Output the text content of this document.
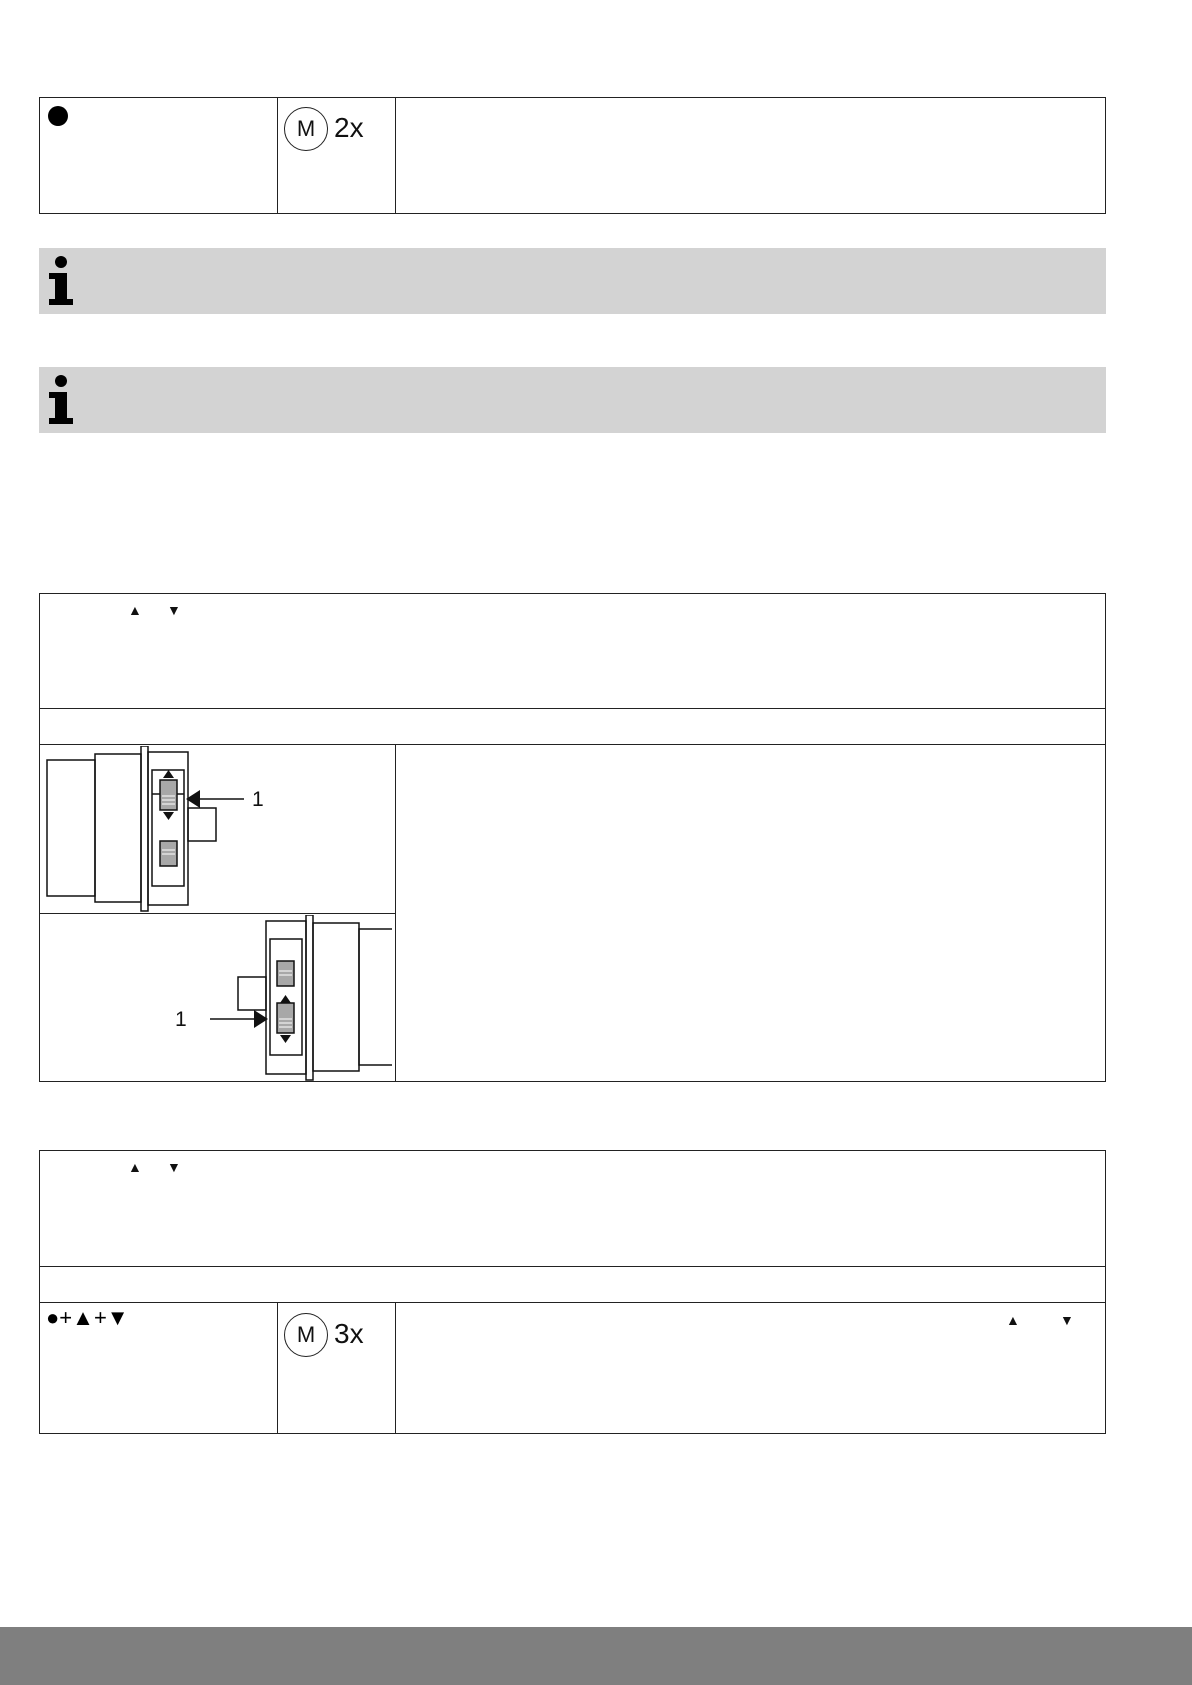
M 2x
▲ ▼
1
1
▲ ▼
●+▲+▼
M 3x	▲	▼
